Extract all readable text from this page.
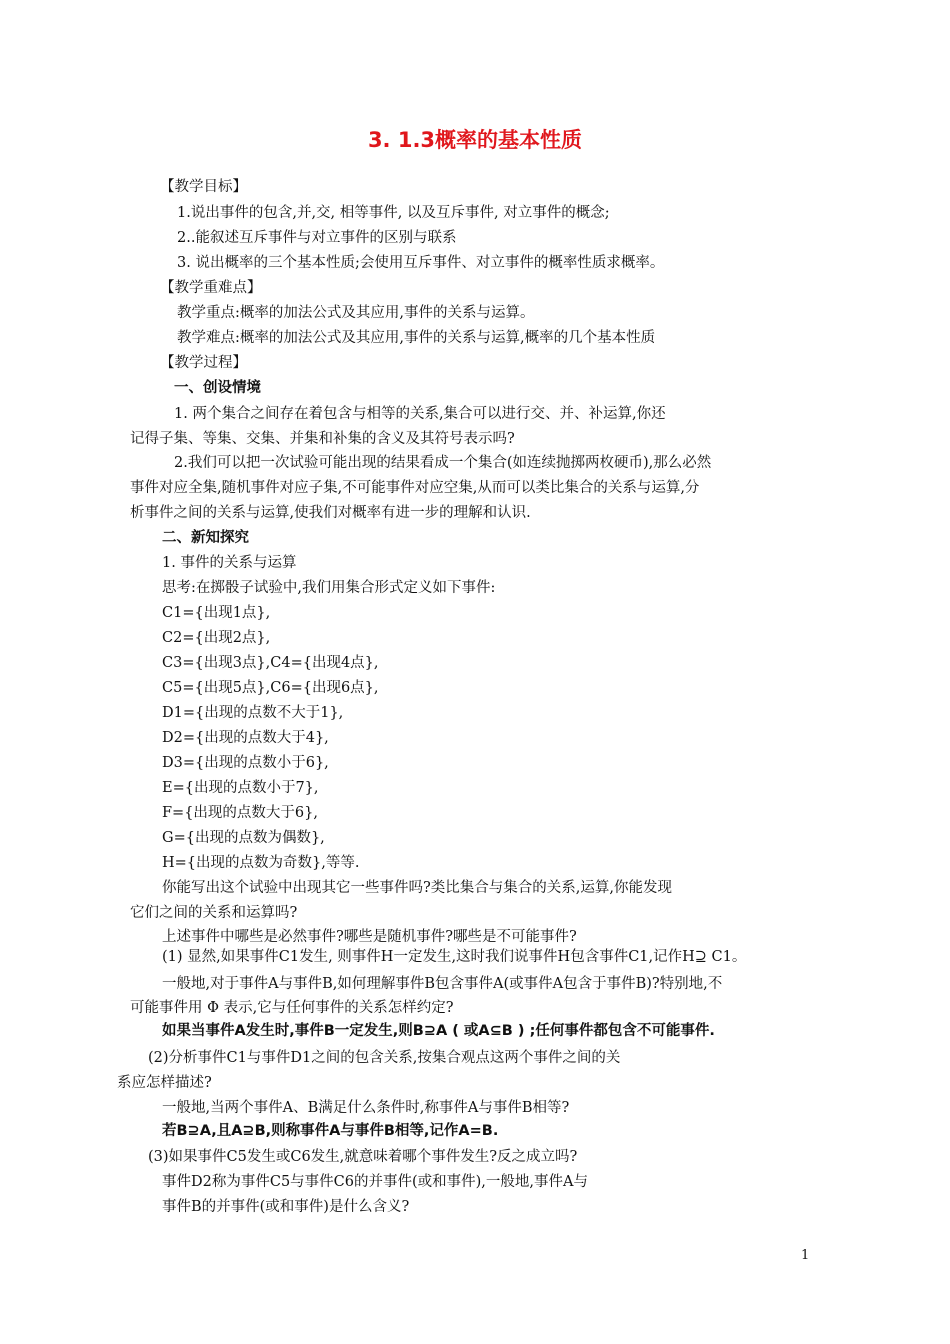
3. 1.3概率的基本性质

【教学目标】

1.说出事件的包含,并,交, 相等事件, 以及互斥事件, 对立事件的概念;

2..能叙述互斥事件与对立事件的区别与联系

3. 说出概率的三个基本性质;会使用互斥事件、对立事件的概率性质求概率。

【教学重难点】

教学重点:概率的加法公式及其应用,事件的关系与运算。

教学难点:概率的加法公式及其应用,事件的关系与运算,概率的几个基本性质

【教学过程】

一、创设情境

1. 两个集合之间存在着包含与相等的关系,集合可以进行交、并、补运算,你还

记得子集、等集、交集、并集和补集的含义及其符号表示吗?

2.我们可以把一次试验可能出现的结果看成一个集合(如连续抛掷两枚硬币),那么必然

事件对应全集,随机事件对应子集,不可能事件对应空集,从而可以类比集合的关系与运算,分

析事件之间的关系与运算,使我们对概率有进一步的理解和认识.

二、新知探究

1. 事件的关系与运算

思考:在掷骰子试验中,我们用集合形式定义如下事件:

C1={出现1点},

C2={出现2点},

C3={出现3点},C4={出现4点},

C5={出现5点},C6={出现6点},

D1={出现的点数不大于1},

D2={出现的点数大于4},

D3={出现的点数小于6},

E={出现的点数小于7},

F={出现的点数大于6},

G={出现的点数为偶数},

H={出现的点数为奇数},等等.

你能写出这个试验中出现其它一些事件吗?类比集合与集合的关系,运算,你能发现

它们之间的关系和运算吗?

上述事件中哪些是必然事件?哪些是随机事件?哪些是不可能事件?

(1) 显然,如果事件C1发生, 则事件H一定发生,这时我们说事件H包含事件C1,记作H⊇ C1。

一般地,对于事件A与事件B,如何理解事件B包含事件A(或事件A包含于事件B)?特别地,不

可能事件用 Φ 表示,它与任何事件的关系怎样约定?

如果当事件A发生时,事件B一定发生,则B⊇A ( 或A⊆B ) ;任何事件都包含不可能事件.

(2)分析事件C1与事件D1之间的包含关系,按集合观点这两个事件之间的关

系应怎样描述?

一般地,当两个事件A、B满足什么条件时,称事件A与事件B相等?

若B⊇A,且A⊇B,则称事件A与事件B相等,记作A=B.

(3)如果事件C5发生或C6发生,就意味着哪个事件发生?反之成立吗?

事件D2称为事件C5与事件C6的并事件(或和事件),一般地,事件A与

事件B的并事件(或和事件)是什么含义?

1
